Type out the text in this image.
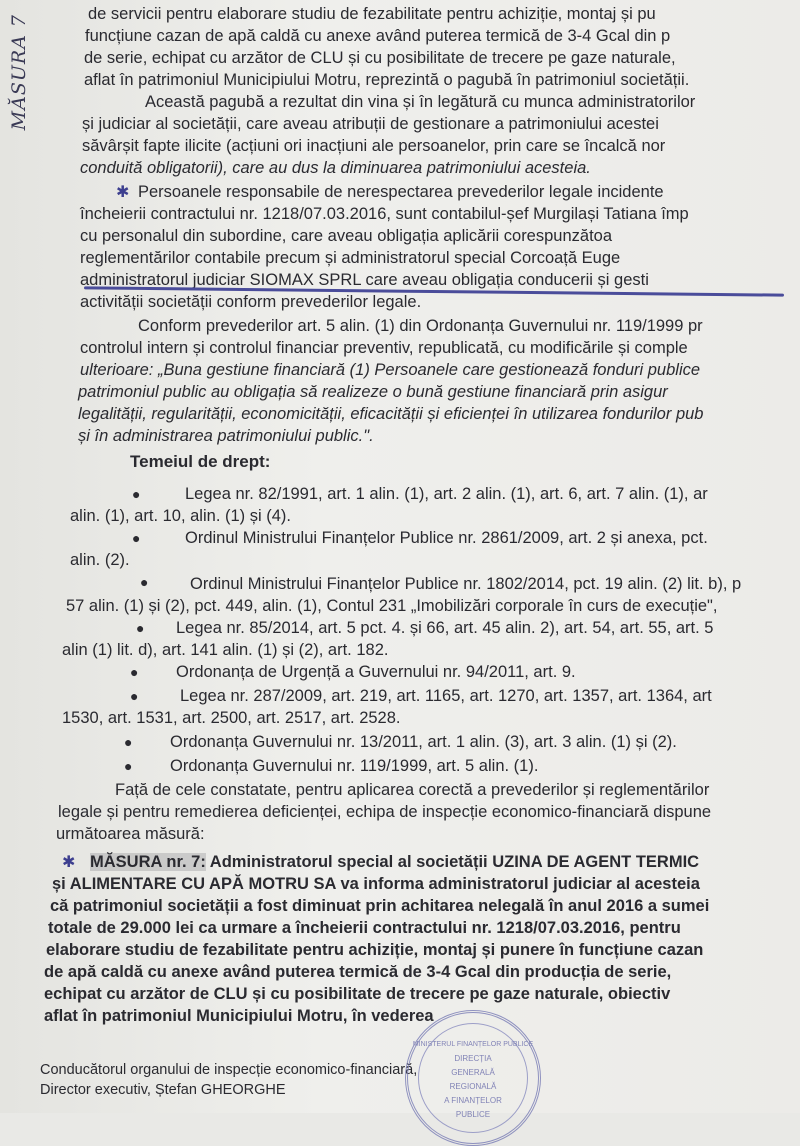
MĂSURA 7	de servicii pentru elaborare studiu de fezabilitate pentru achiziție, montaj și pu
funcțiune cazan de apă caldă cu anexe având puterea termică de 3-4 Gcal din p
de serie, echipat cu arzător de CLU și cu posibilitate de trecere pe gaze naturale,
aflat în patrimoniul Municipiului Motru, reprezintă o pagubă în patrimoniul societății.
Această pagubă a rezultat din vina și în legătură cu munca administratorilor
și judiciar al societății, care aveau atribuții de gestionare a patrimoniului acestei
săvârșit fapte ilicite (acțiuni ori inacțiuni ale persoanelor, prin care se încalcă nor
conduită obligatorii), care au dus la diminuarea patrimoniului acesteia.
✱ Persoanele responsabile de nerespectarea prevederilor legale incidente
încheierii contractului nr. 1218/07.03.2016, sunt contabilul-șef Murgilași Tatiana împ
cu personalul din subordine, care aveau obligația aplicării corespunzătoa
reglementărilor contabile precum și administratorul special Corcoață Euge
administratorul judiciar SIOMAX SPRL care aveau obligația conducerii și gesti
activității societății conform prevederilor legale.
Conform prevederilor art. 5 alin. (1) din Ordonanța Guvernului nr. 119/1999 pr
controlul intern și controlul financiar preventiv, republicată, cu modificările și comple
ulterioare: „Buna gestiune financiară (1) Persoanele care gestionează fonduri publice
patrimoniul public au obligația să realizeze o bună gestiune financiară prin asigur
legalității, regularității, economicității, eficacității și eficienței în utilizarea fondurilor pub
și în administrarea patrimoniului public.".
Temeiul de drept:
●	Legea nr. 82/1991, art. 1 alin. (1), art. 2 alin. (1), art. 6, art. 7 alin. (1), ar
alin. (1), art. 10, alin. (1) și (4).
●	Ordinul Ministrului Finanțelor Publice nr. 2861/2009, art. 2 și anexa, pct.
alin. (2).
●	Ordinul Ministrului Finanțelor Publice nr. 1802/2014, pct. 19 alin. (2) lit. b), p
57 alin. (1) și (2), pct. 449, alin. (1), Contul 231 „Imobilizări corporale în curs de execuție",
● Legea nr. 85/2014, art. 5 pct. 4. și 66, art. 45 alin. 2), art. 54, art. 55, art. 5
alin (1) lit. d), art. 141 alin. (1) și (2), art. 182.
● Ordonanța de Urgență a Guvernului nr. 94/2011, art. 9.
●	Legea nr. 287/2009, art. 219, art. 1165, art. 1270, art. 1357, art. 1364, art
1530, art. 1531, art. 2500, art. 2517, art. 2528.
● Ordonanța Guvernului nr. 13/2011, art. 1 alin. (3), art. 3 alin. (1) și (2).
● Ordonanța Guvernului nr. 119/1999, art. 5 alin. (1).
Față de cele constatate, pentru aplicarea corectă a prevederilor și reglementărilor
legale și pentru remedierea deficienței, echipa de inspecție economico-financiară dispune
următoarea măsură:
✱ MĂSURA nr. 7: Administratorul special al societății UZINA DE AGENT TERMIC
și ALIMENTARE CU APĂ MOTRU SA va informa administratorul judiciar al acesteia
că patrimoniul societății a fost diminuat prin achitarea nelegală în anul 2016 a sumei
totale de 29.000 lei ca urmare a încheierii contractului nr. 1218/07.03.2016, pentru
elaborare studiu de fezabilitate pentru achiziție, montaj și punere în funcțiune cazan
de apă caldă cu anexe având puterea termică de 3-4 Gcal din producția de serie,
echipat cu arzător de CLU și cu posibilitate de trecere pe gaze naturale, obiectiv
aflat în patrimoniul Municipiului Motru, în vederea
Conducătorul organului de inspecție economico-financiară,
Director executiv, Ștefan GHEORGHE
MINISTERUL FINANȚELOR PUBLICE
DIRECȚIA
GENERALĂ
REGIONALĂ
A FINANȚELOR
PUBLICE
